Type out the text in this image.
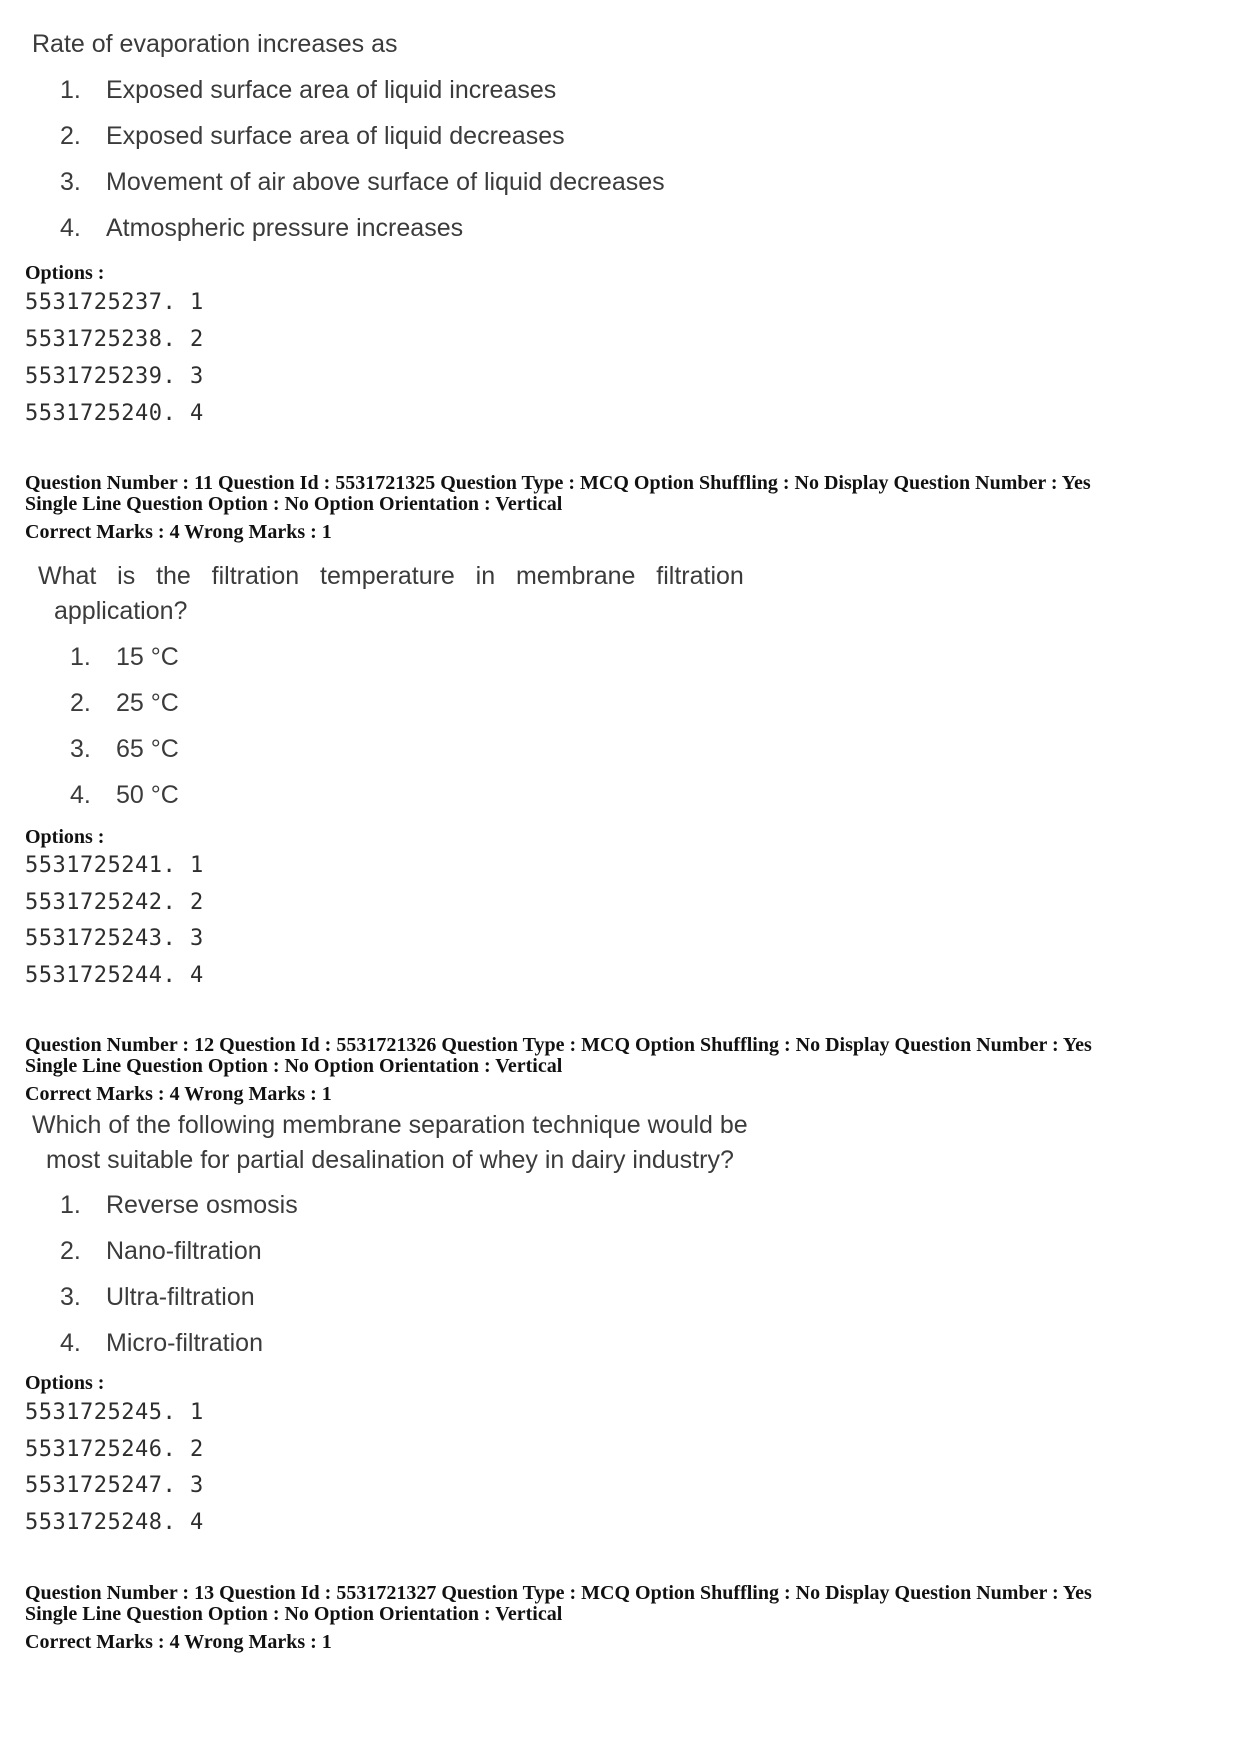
Rate of evaporation increases as
1. Exposed surface area of liquid increases
2. Exposed surface area of liquid decreases
3. Movement of air above surface of liquid decreases
4. Atmospheric pressure increases
Options :
5531725237. 1
5531725238. 2
5531725239. 3
5531725240. 4
Question Number : 11 Question Id : 5531721325 Question Type : MCQ Option Shuffling : No Display Question Number : Yes
Single Line Question Option : No Option Orientation : Vertical
Correct Marks : 4 Wrong Marks : 1
What   is   the   filtration   temperature   in   membrane   filtration
application?
1. 15 °C
2. 25 °C
3. 65 °C
4. 50 °C
Options :
5531725241. 1
5531725242. 2
5531725243. 3
5531725244. 4
Question Number : 12 Question Id : 5531721326 Question Type : MCQ Option Shuffling : No Display Question Number : Yes
Single Line Question Option : No Option Orientation : Vertical
Correct Marks : 4 Wrong Marks : 1
Which of the following membrane separation technique would be
most suitable for partial desalination of whey in dairy industry?
1. Reverse osmosis
2. Nano-filtration
3. Ultra-filtration
4. Micro-filtration
Options :
5531725245. 1
5531725246. 2
5531725247. 3
5531725248. 4
Question Number : 13 Question Id : 5531721327 Question Type : MCQ Option Shuffling : No Display Question Number : Yes
Single Line Question Option : No Option Orientation : Vertical
Correct Marks : 4 Wrong Marks : 1
